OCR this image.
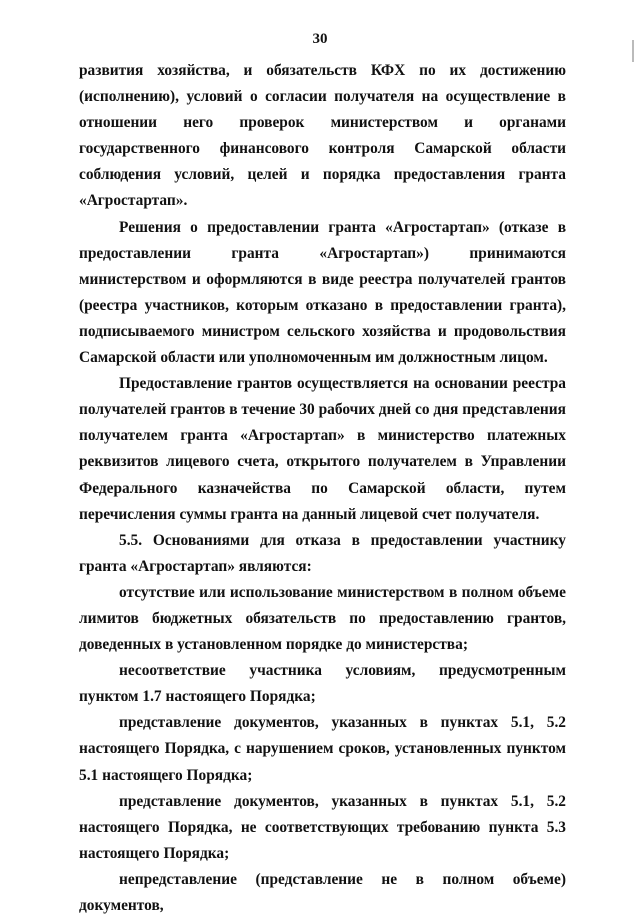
30

развития хозяйства, и обязательств КФХ по их достижению (исполнению), условий о согласии получателя на осуществление в отношении него проверок министерством и органами государственного финансового контроля Самарской области соблюдения условий, целей и порядка предоставления гранта «Агростартап».

Решения о предоставлении гранта «Агростартап» (отказе в предоставлении гранта «Агростартап») принимаются министерством и оформляются в виде реестра получателей грантов (реестра участников, которым отказано в предоставлении гранта), подписываемого министром сельского хозяйства и продовольствия Самарской области или уполномоченным им должностным лицом.

Предоставление грантов осуществляется на основании реестра получателей грантов в течение 30 рабочих дней со дня представления получателем гранта «Агростартап» в министерство платежных реквизитов лицевого счета, открытого получателем в Управлении Федерального казначейства по Самарской области, путем перечисления суммы гранта на данный лицевой счет получателя.

5.5. Основаниями для отказа в предоставлении участнику гранта «Агростартап» являются:

отсутствие или использование министерством в полном объеме лимитов бюджетных обязательств по предоставлению грантов, доведенных в установленном порядке до министерства;

несоответствие участника условиям, предусмотренным пунктом 1.7 настоящего Порядка;

представление документов, указанных в пунктах 5.1, 5.2 настоящего Порядка, с нарушением сроков, установленных пунктом 5.1 настоящего Порядка;

представление документов, указанных в пунктах 5.1, 5.2 настоящего Порядка, не соответствующих требованию пункта 5.3 настоящего Порядка;

непредставление (представление не в полном объеме) документов,
